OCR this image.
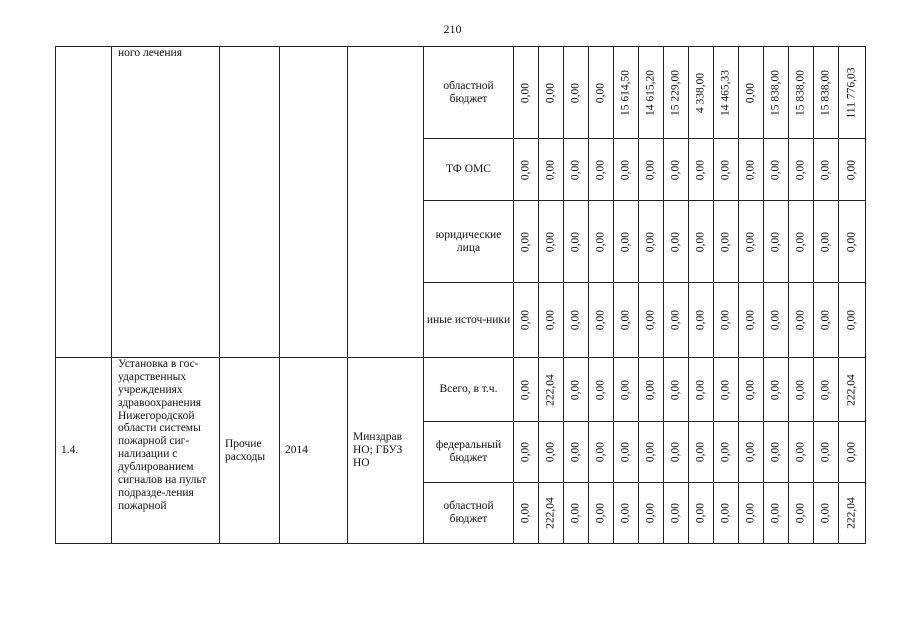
210
	ного лечения				областной бюджет	0,00	0,00	0,00	0,00	15 614,50	14 615,20	15 229,00	4 338,00	14 465,33	0,00	15 838,00	15 838,00	15 838,00	111 776,03

					ТФ ОМС	0,00	0,00	0,00	0,00	0,00	0,00	0,00	0,00	0,00	0,00	0,00	0,00	0,00	0,00

					юридические лица	0,00	0,00	0,00	0,00	0,00	0,00	0,00	0,00	0,00	0,00	0,00	0,00	0,00	0,00

					иные источ-ники	0,00	0,00	0,00	0,00	0,00	0,00	0,00	0,00	0,00	0,00	0,00	0,00	0,00	0,00

1.4.	Установка в гос-ударственных учреждениях здравоохранения Нижегородской области системы пожарной сиг-нализации с дублированием сигналов на пульт подразде-ления пожарной	Прочие расходы	2014	Минздрав НО; ГБУЗ НО	Всего, в т.ч.	0,00	222,04	0,00	0,00	0,00	0,00	0,00	0,00	0,00	0,00	0,00	0,00	0,00	222,04

					федеральный бюджет	0,00	0,00	0,00	0,00	0,00	0,00	0,00	0,00	0,00	0,00	0,00	0,00	0,00	0,00

					областной бюджет	0,00	222,04	0,00	0,00	0,00	0,00	0,00	0,00	0,00	0,00	0,00	0,00	0,00	222,04
